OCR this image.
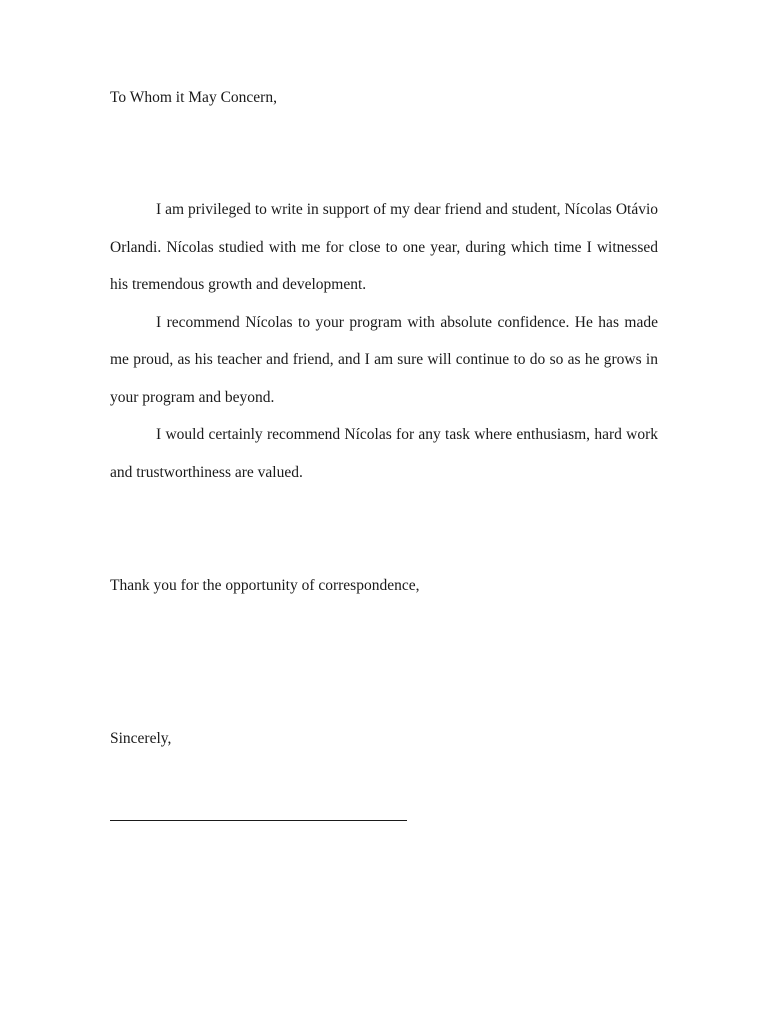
To Whom it May Concern,

I am privileged to write in support of my dear friend and student, Nícolas Otávio Orlandi. Nícolas studied with me for close to one year, during which time I witnessed his tremendous growth and development.

I recommend Nícolas to your program with absolute confidence. He has made me proud, as his teacher and friend, and I am sure will continue to do so as he grows in your program and beyond.

I would certainly recommend Nícolas for any task where enthusiasm, hard work and trustworthiness are valued.

Thank you for the opportunity of correspondence,
Sincerely,
